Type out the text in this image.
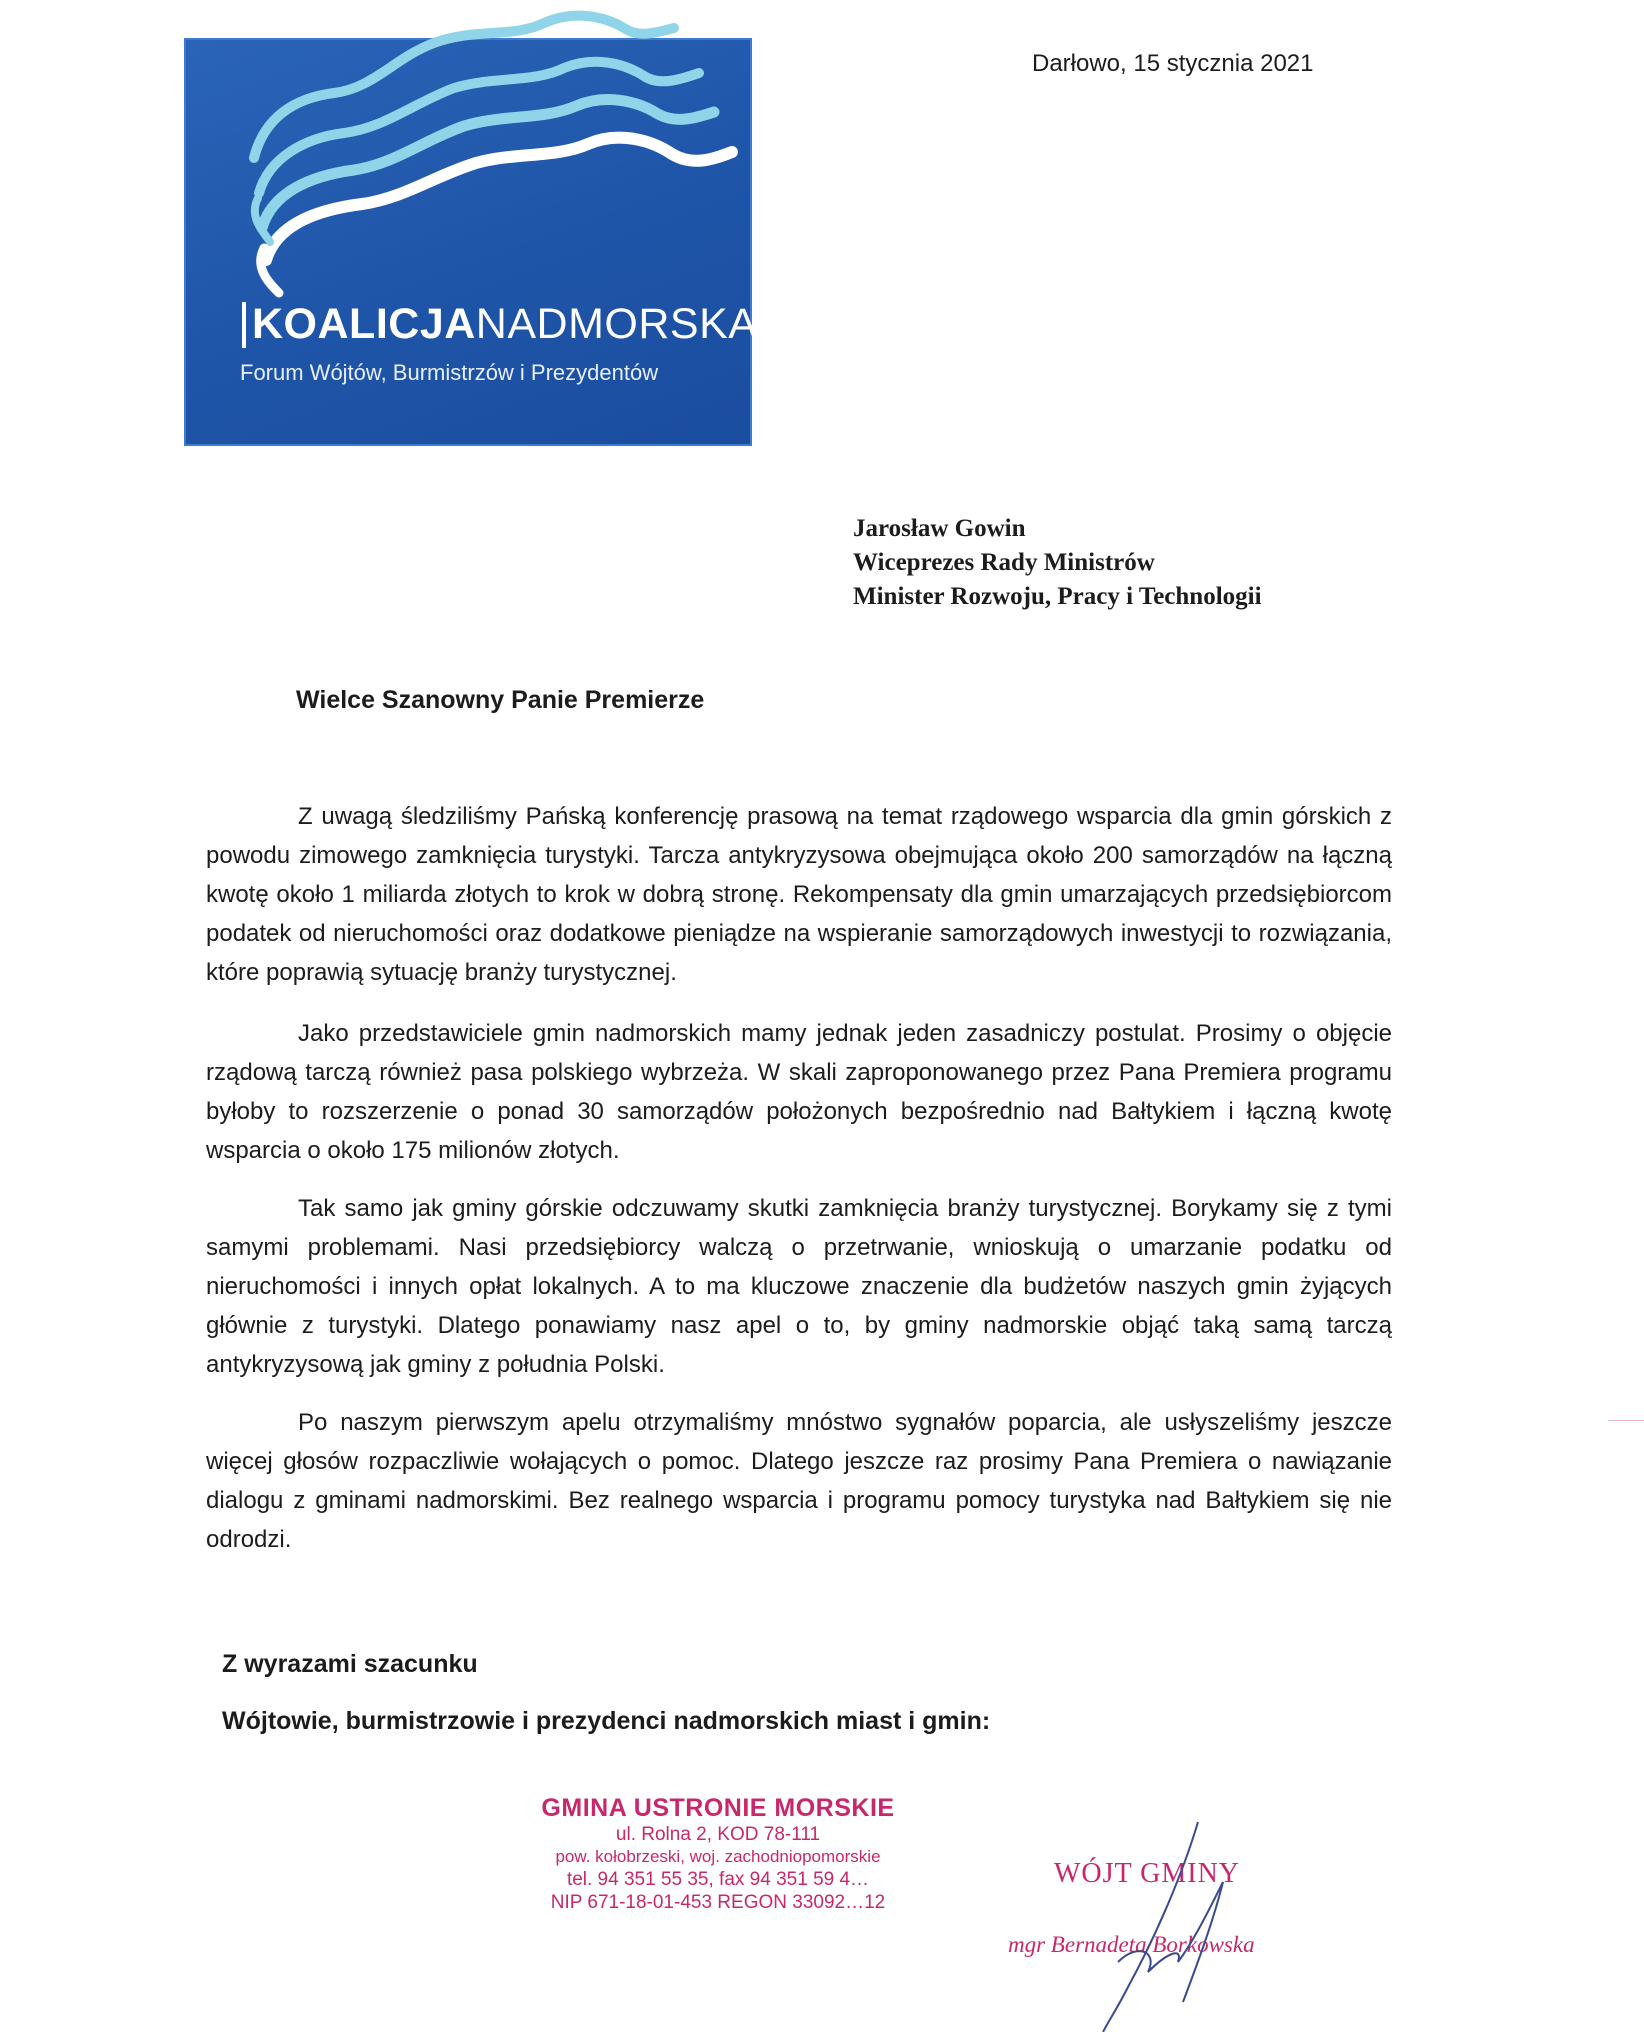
KOALICJANADMORSKA
Forum Wójtów, Burmistrzów i Prezydentów
Darłowo, 15 stycznia 2021
Jarosław Gowin
Wiceprezes Rady Ministrów
Minister Rozwoju, Pracy i Technologii
Wielce Szanowny Panie Premierze

Z uwagą śledziliśmy Pańską konferencję prasową na temat rządowego wsparcia dla gmin górskich z powodu zimowego zamknięcia turystyki. Tarcza antykryzysowa obejmująca około 200 samorządów na łączną kwotę około 1 miliarda złotych to krok w dobrą stronę. Rekompensaty dla gmin umarzających przedsiębiorcom podatek od nieruchomości oraz dodatkowe pieniądze na wspieranie samorządowych inwestycji to rozwiązania, które poprawią sytuację branży turystycznej.

Jako przedstawiciele gmin nadmorskich mamy jednak jeden zasadniczy postulat. Prosimy o objęcie rządową tarczą również pasa polskiego wybrzeża. W skali zaproponowanego przez Pana Premiera programu byłoby to rozszerzenie o ponad 30 samorządów położonych bezpośrednio nad Bałtykiem i łączną kwotę wsparcia o około 175 milionów złotych.

Tak samo jak gminy górskie odczuwamy skutki zamknięcia branży turystycznej. Borykamy się z tymi samymi problemami. Nasi przedsiębiorcy walczą o przetrwanie, wnioskują o umarzanie podatku od nieruchomości i innych opłat lokalnych. A to ma kluczowe znaczenie dla budżetów naszych gmin żyjących głównie z turystyki. Dlatego ponawiamy nasz apel o to, by gminy nadmorskie objąć taką samą tarczą antykryzysową jak gminy z południa Polski.

Po naszym pierwszym apelu otrzymaliśmy mnóstwo sygnałów poparcia, ale usłyszeliśmy jeszcze więcej głosów rozpaczliwie wołających o pomoc. Dlatego jeszcze raz prosimy Pana Premiera o nawiązanie dialogu z gminami nadmorskimi. Bez realnego wsparcia i programu pomocy turystyka nad Bałtykiem się nie odrodzi.

Z wyrazami szacunku
Wójtowie, burmistrzowie i prezydenci nadmorskich miast i gmin:
GMINA USTRONIE MORSKIE
ul. Rolna 2, KOD 78-111
pow. kołobrzeski, woj. zachodniopomorskie
tel. 94 351 55 35, fax 94 351 59 4…
NIP 671-18-01-453 REGON 33092…12
WÓJT GMINY
mgr Bernadeta Borkowska
